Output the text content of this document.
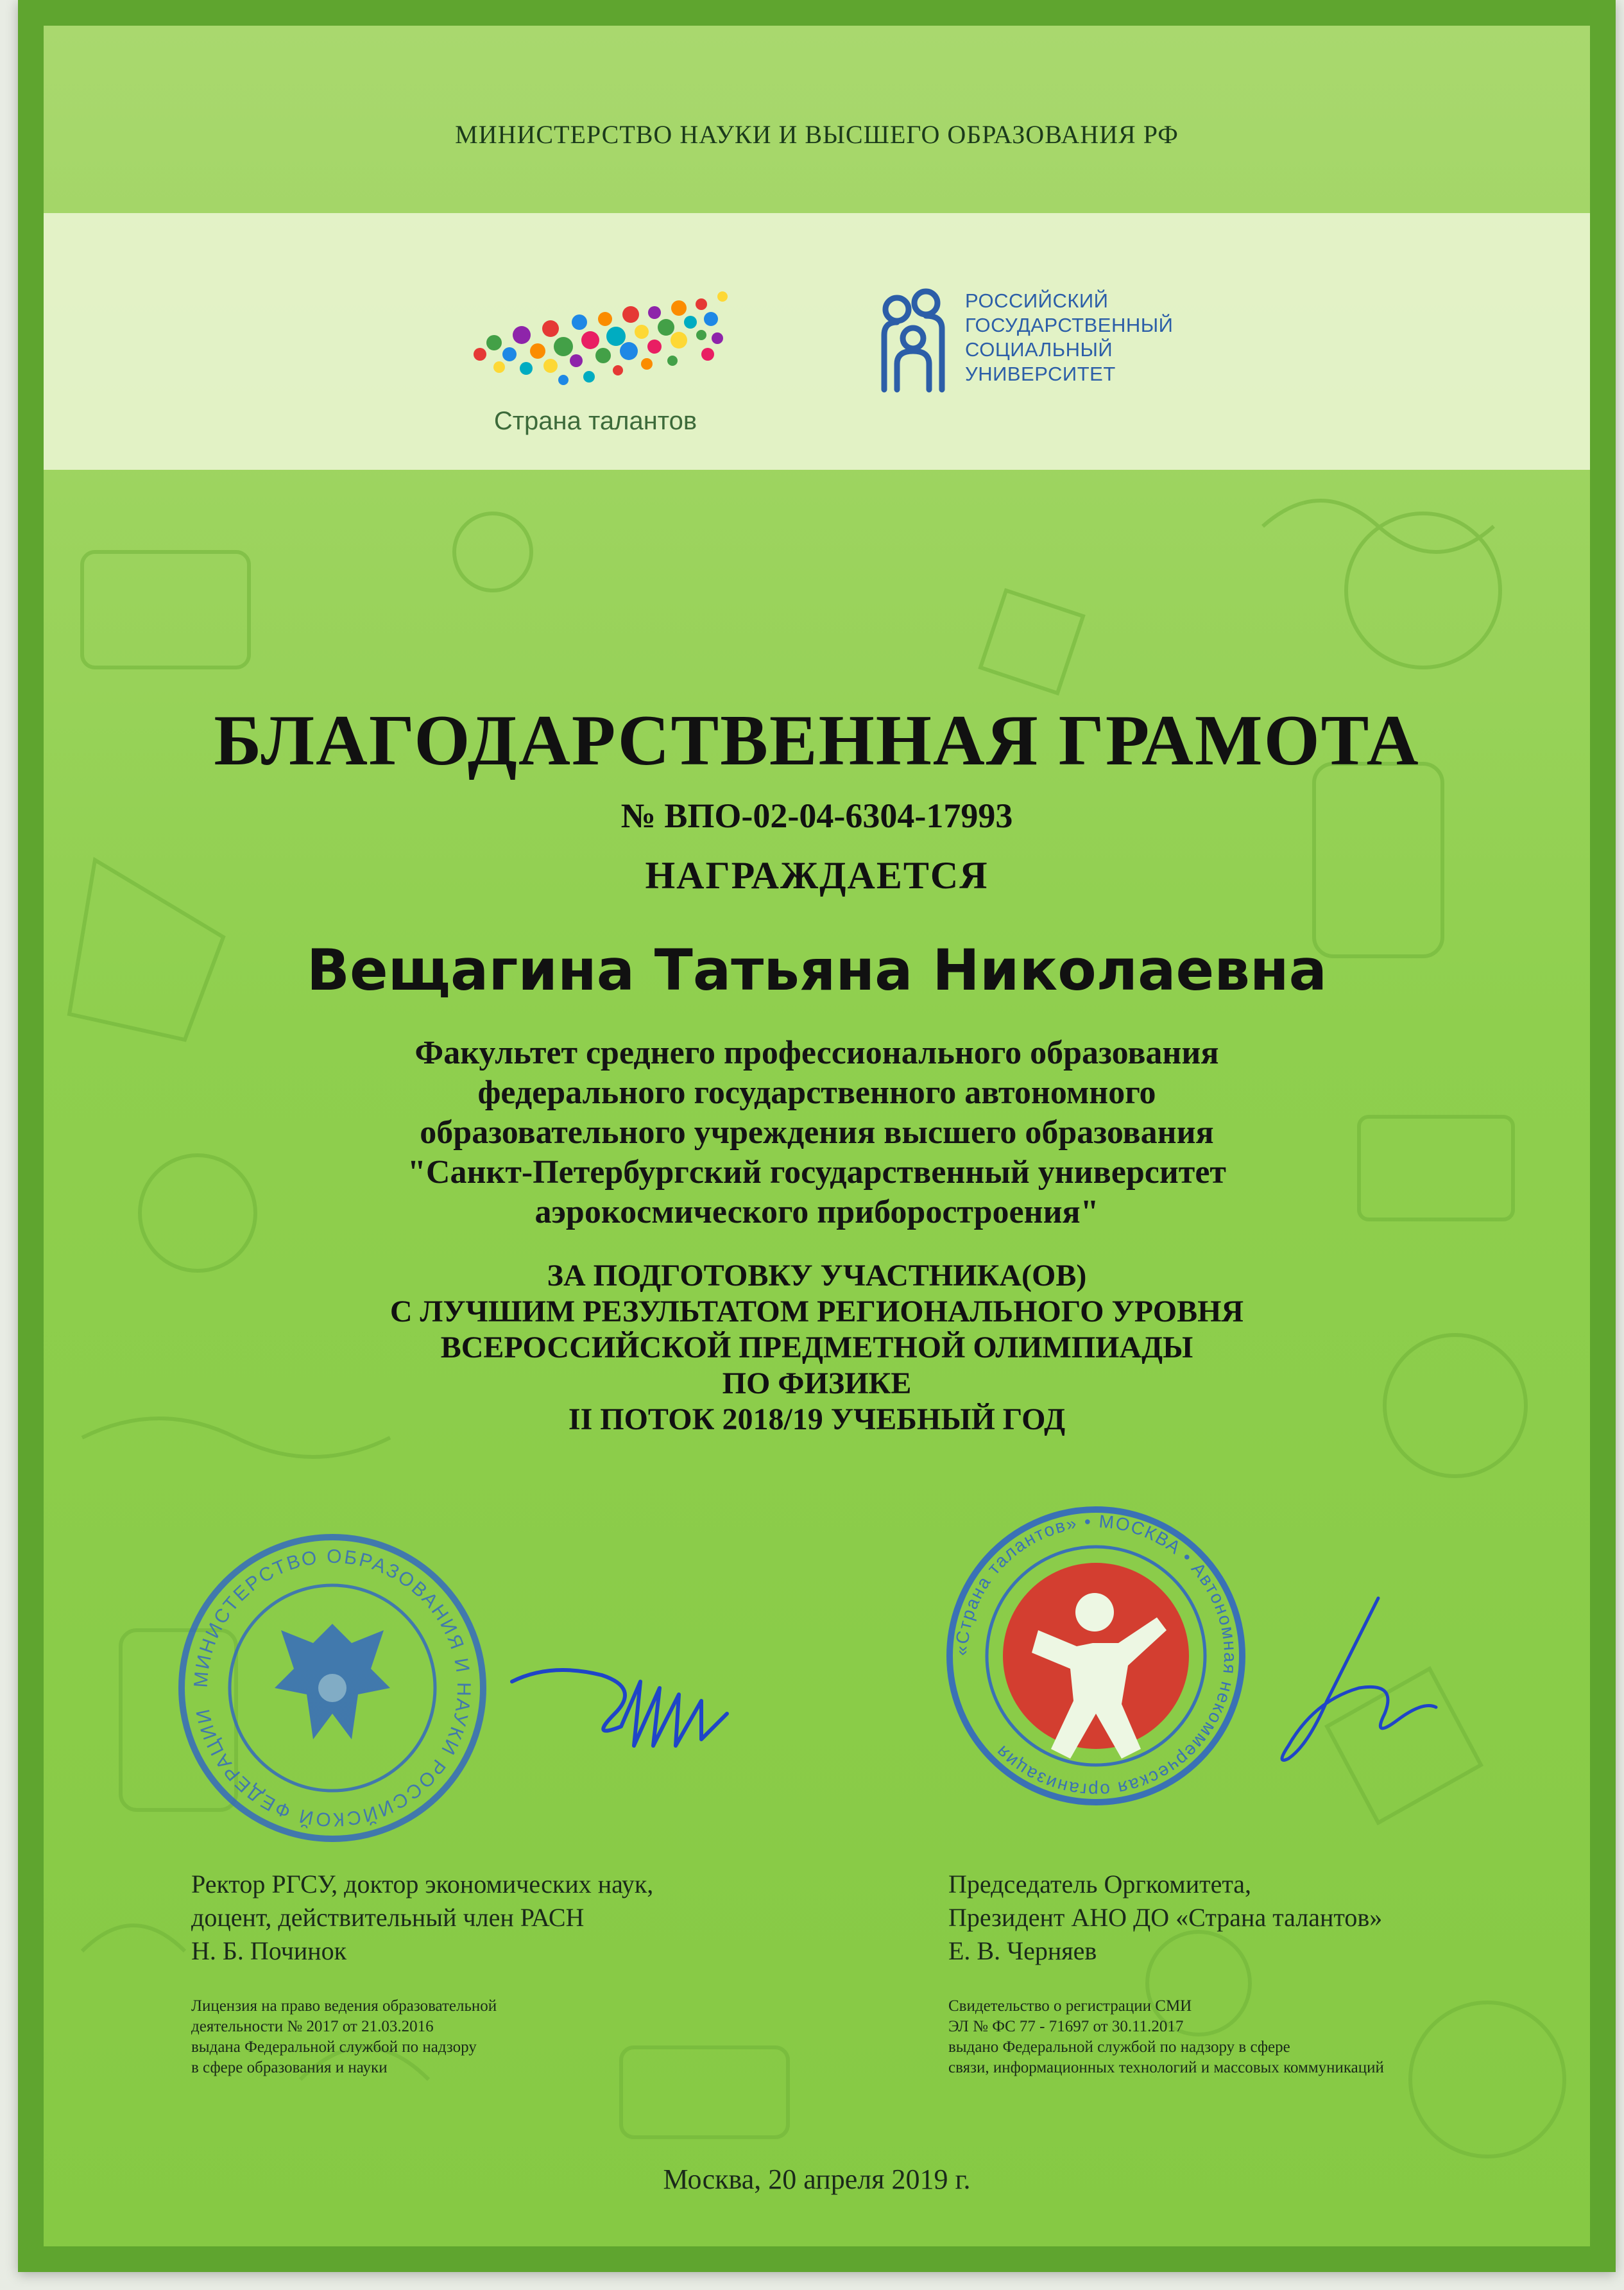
МИНИСТЕРСТВО НАУКИ И ВЫСШЕГО ОБРАЗОВАНИЯ РФ
Страна талантов
РОССИЙСКИЙ
ГОСУДАРСТВЕННЫЙ
СОЦИАЛЬНЫЙ
УНИВЕРСИТЕТ
БЛАГОДАРСТВЕННАЯ ГРАМОТА
№ ВПО-02-04-6304-17993
НАГРАЖДАЕТСЯ
Вещагина Татьяна Николаевна
Факультет среднего профессионального образования
федерального государственного автономного
образовательного учреждения высшего образования
"Санкт-Петербургский государственный университет
аэрокосмического приборостроения"
ЗА ПОДГОТОВКУ УЧАСТНИКА(ОВ)
С ЛУЧШИМ РЕЗУЛЬТАТОМ РЕГИОНАЛЬНОГО УРОВНЯ
ВСЕРОССИЙСКОЙ ПРЕДМЕТНОЙ ОЛИМПИАДЫ
ПО ФИЗИКЕ
II ПОТОК 2018/19 УЧЕБНЫЙ ГОД
МИНИСТЕРСТВО ОБРАЗОВАНИЯ И НАУКИ РОССИЙСКОЙ ФЕДЕРАЦИИ
«Страна талантов» • МОСКВА • Автономная некоммерческая организация
Ректор РГСУ, доктор экономических наук,
доцент, действительный член РАСН
Н. Б. Починок
Председатель Оргкомитета,
Президент АНО ДО «Страна талантов»
Е. В. Черняев
Лицензия на право ведения образовательной
деятельности № 2017 от 21.03.2016
выдана Федеральной службой по надзору
в сфере образования и науки
Свидетельство о регистрации СМИ
ЭЛ № ФС 77 - 71697 от 30.11.2017
выдано Федеральной службой по надзору в сфере
связи, информационных технологий и массовых коммуникаций
Москва, 20 апреля 2019 г.
